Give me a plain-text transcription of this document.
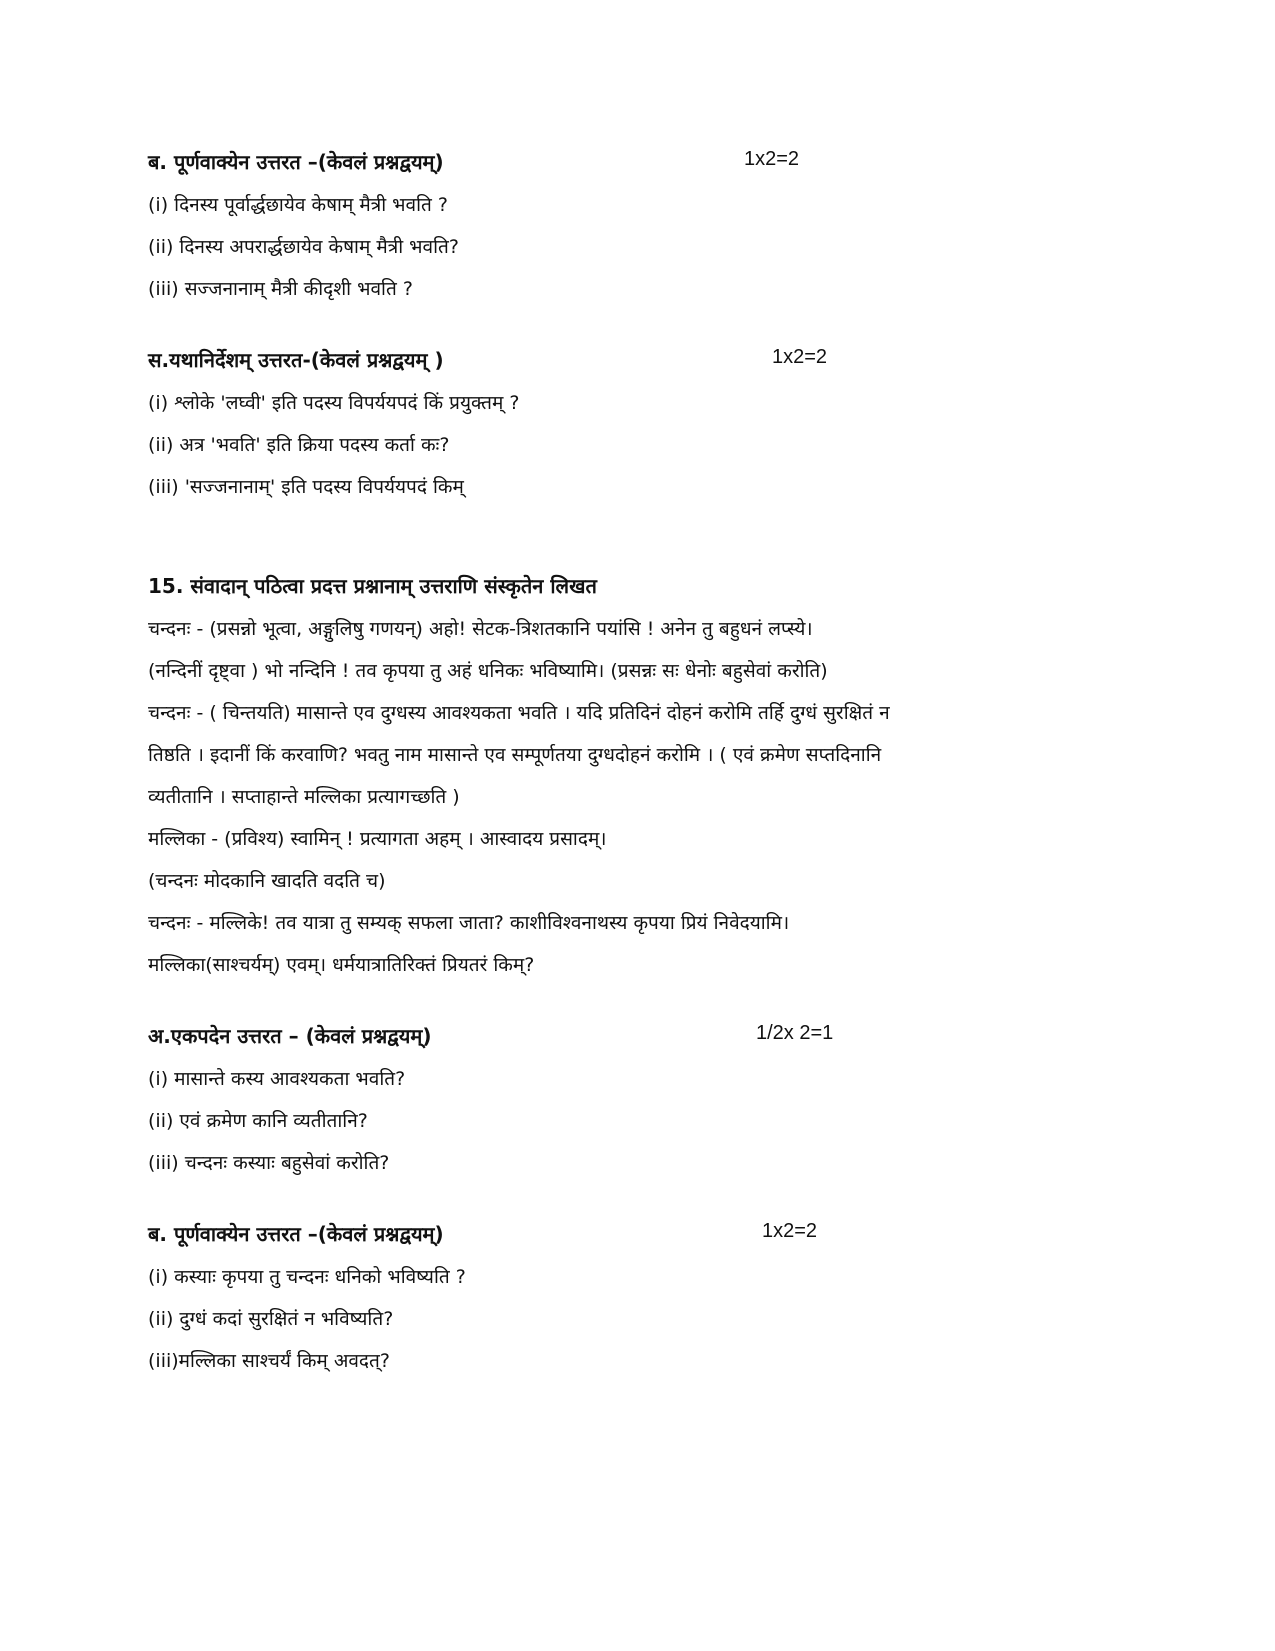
ब. पूर्णवाक्येन उत्तरत –(केवलं प्रश्नद्वयम्)	1x2=2
(i) दिनस्य पूर्वार्द्धछायेव केषाम् मैत्री भवति ?
(ii) दिनस्य अपरार्द्धछायेव केषाम् मैत्री भवति?
(iii) सज्जनानाम् मैत्री कीदृशी भवति ?
स.यथानिर्देशम् उत्तरत-(केवलं प्रश्नद्वयम् )	1x2=2
(i) श्लोके 'लघ्वी' इति पदस्य विपर्ययपदं किं प्रयुक्तम् ?
(ii) अत्र 'भवति' इति क्रिया पदस्य कर्ता कः?
(iii) 'सज्जनानाम्' इति पदस्य विपर्ययपदं किम्
15. संवादान् पठित्वा प्रदत्त प्रश्नानाम् उत्तराणि संस्कृतेन लिखत
चन्दनः - (प्रसन्नो भूत्वा, अङ्गुलिषु गणयन्) अहो! सेटक-त्रिशतकानि पयांसि ! अनेन तु बहुधनं लप्स्ये।
(नन्दिनीं दृष्ट्वा ) भो नन्दिनि ! तव कृपया तु अहं धनिकः भविष्यामि। (प्रसन्नः सः धेनोः बहुसेवां करोति)
चन्दनः - ( चिन्तयति) मासान्ते एव दुग्धस्य आवश्यकता भवति । यदि प्रतिदिनं दोहनं करोमि तर्हि दुग्धं सुरक्षितं न
तिष्ठति । इदानीं किं करवाणि? भवतु नाम मासान्ते एव सम्पूर्णतया दुग्धदोहनं करोमि । ( एवं क्रमेण सप्तदिनानि
व्यतीतानि । सप्ताहान्ते मल्लिका प्रत्यागच्छति )
मल्लिका - (प्रविश्य) स्वामिन् ! प्रत्यागता अहम् । आस्वादय प्रसादम्।
(चन्दनः मोदकानि खादति वदति च)
चन्दनः - मल्लिके! तव यात्रा तु सम्यक् सफला जाता? काशीविश्वनाथस्य कृपया प्रियं निवेदयामि।
मल्लिका(साश्चर्यम्) एवम्। धर्मयात्रातिरिक्तं प्रियतरं किम्?
अ.एकपदेन उत्तरत – (केवलं प्रश्नद्वयम्)	1/2x 2=1
(i) मासान्ते कस्य आवश्यकता भवति?
(ii) एवं क्रमेण कानि व्यतीतानि?
(iii) चन्दनः कस्याः बहुसेवां करोति?
ब. पूर्णवाक्येन उत्तरत –(केवलं प्रश्नद्वयम्)	1x2=2
(i) कस्याः कृपया तु चन्दनः धनिको भविष्यति ?
(ii) दुग्धं कदां सुरक्षितं न भविष्यति?
(iii)मल्लिका साश्चर्यं किम् अवदत्?
